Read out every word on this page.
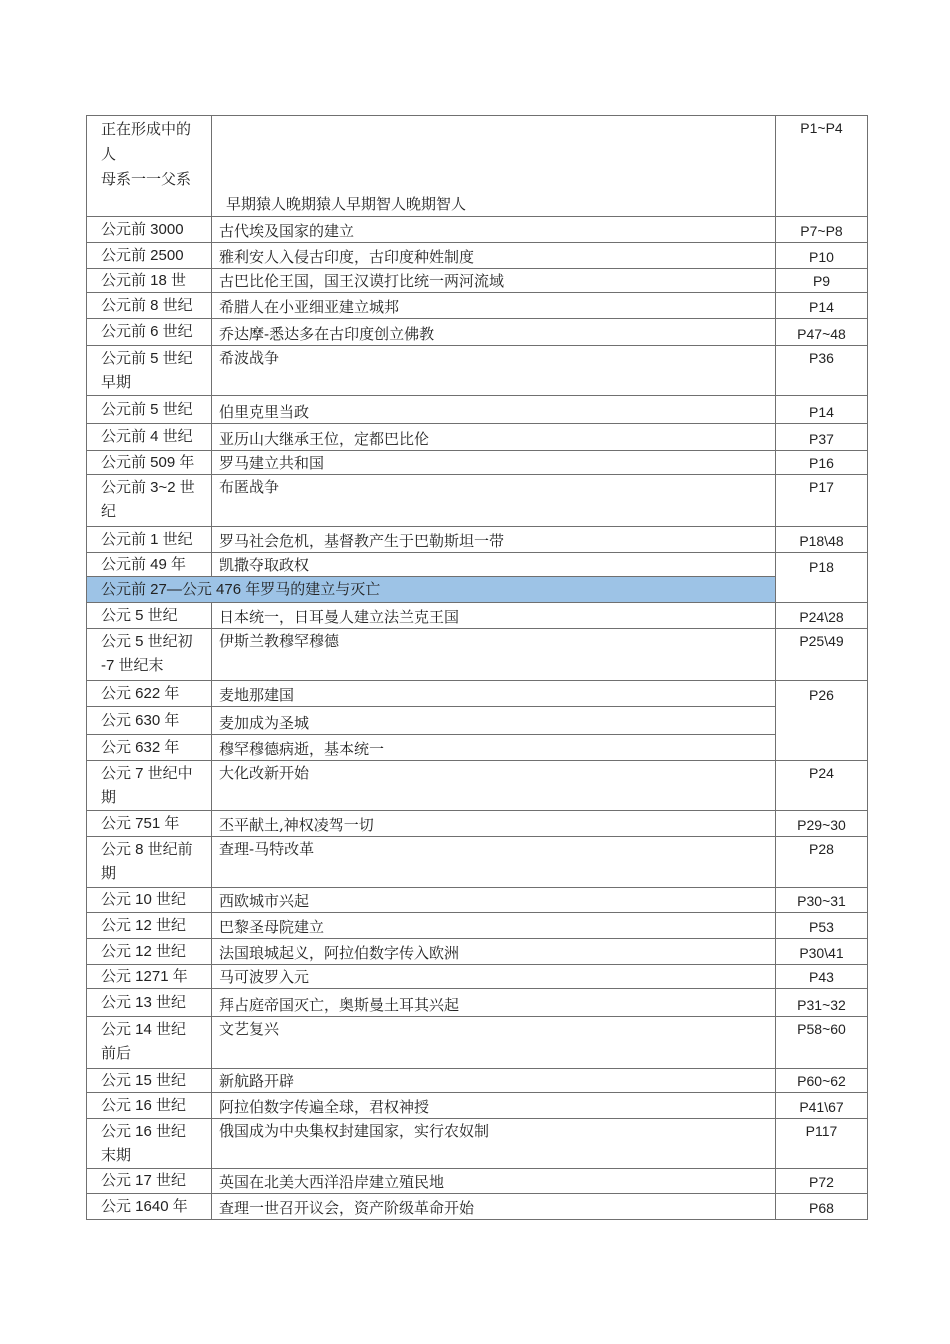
正在形成中的
人
母系一一父系	早期猿人晚期猿人早期智人晚期智人	P1~P4

公元前 3000	古代埃及国家的建立	P7~P8

公元前 2500	雅利安人入侵古印度，古印度种姓制度	P10

公元前 18 世	古巴比伦王国，国王汉谟打比统一两河流域	P9

公元前 8 世纪	希腊人在小亚细亚建立城邦	P14

公元前 6 世纪	乔达摩-悉达多在古印度创立佛教	P47~48

公元前 5 世纪
早期	希波战争	P36

公元前 5 世纪	伯里克里当政	P14

公元前 4 世纪	亚历山大继承王位，定都巴比伦	P37

公元前 509 年	罗马建立共和国	P16

公元前 3~2 世
纪	布匿战争	P17

公元前 1 世纪	罗马社会危机，基督教产生于巴勒斯坦一带	P18\48

公元前 49 年	凯撒夺取政权	P18
公元前 27—公元 476 年罗马的建立与灭亡		

公元 5 世纪	日本统一，日耳曼人建立法兰克王国	P24\28

公元 5 世纪初
-7 世纪末	伊斯兰教穆罕穆德	P25\49

公元 622 年	麦地那建国	P26

公元 630 年	麦加成为圣城	

公元 632 年	穆罕穆德病逝，基本统一	

公元 7 世纪中
期	大化改新开始	P24

公元 751 年	丕平献土,神权凌驾一切	P29~30

公元 8 世纪前
期	查理-马特改革	P28

公元 10 世纪	西欧城市兴起	P30~31

公元 12 世纪	巴黎圣母院建立	P53

公元 12 世纪	法国琅城起义，阿拉伯数字传入欧洲	P30\41

公元 1271 年	马可波罗入元	P43

公元 13 世纪	拜占庭帝国灭亡，奥斯曼土耳其兴起	P31~32

公元 14 世纪
前后	文艺复兴	P58~60

公元 15 世纪	新航路开辟	P60~62

公元 16 世纪	阿拉伯数字传遍全球，君权神授	P41\67

公元 16 世纪
末期	俄国成为中央集权封建国家，实行农奴制	P117

公元 17 世纪	英国在北美大西洋沿岸建立殖民地	P72

公元 1640 年	查理一世召开议会，资产阶级革命开始	P68
